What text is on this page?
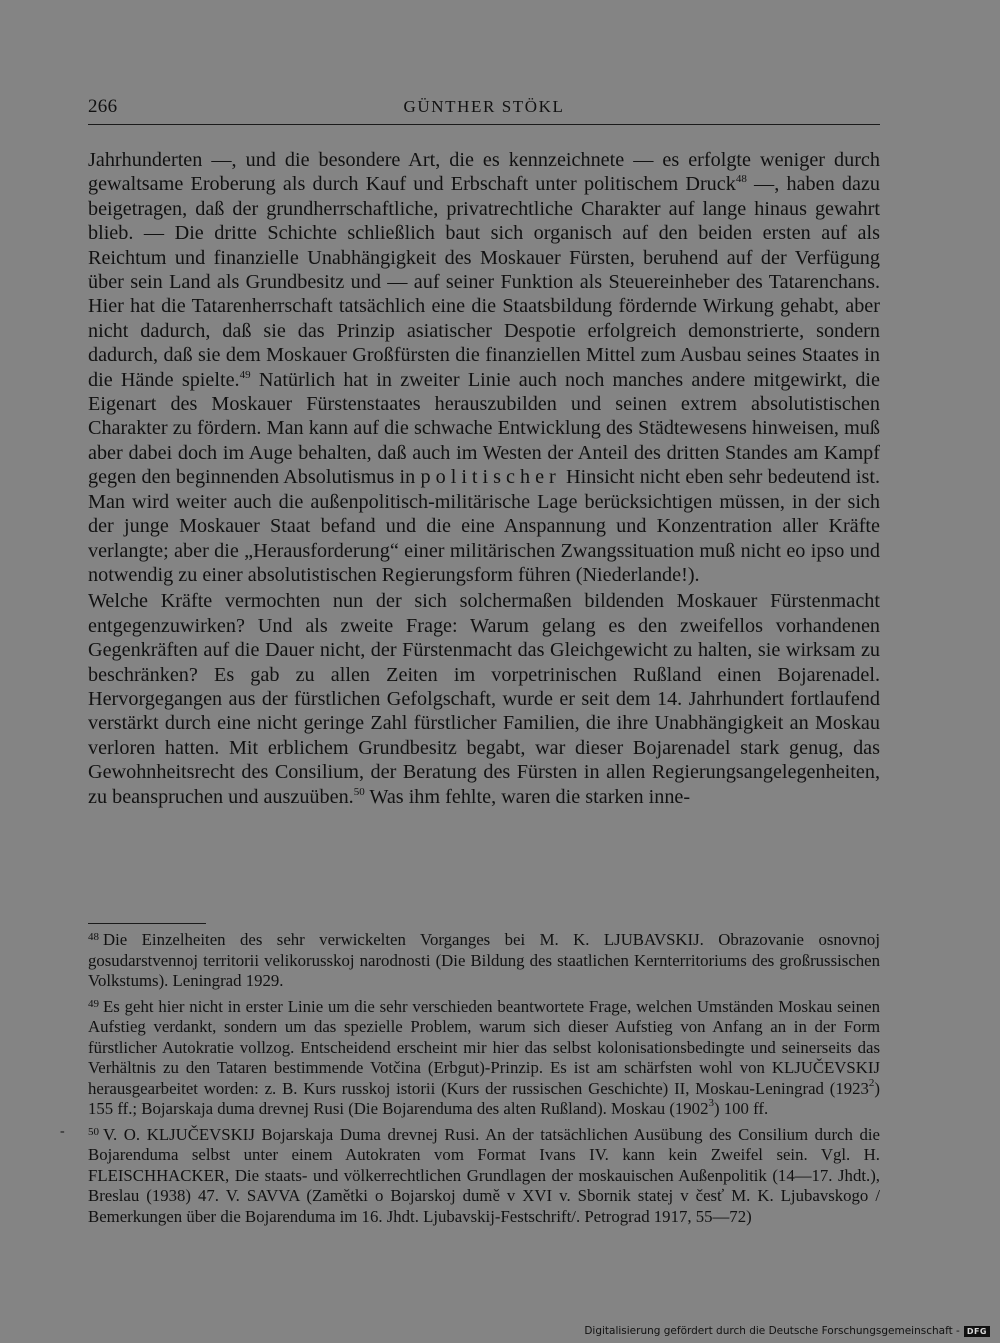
266	GÜNTHER STÖKL

Jahrhunderten —, und die besondere Art, die es kennzeichnete — es erfolgte weniger durch gewaltsame Eroberung als durch Kauf und Erbschaft unter politischem Druck$^{48}$ —, haben dazu beigetragen, daß der grundherrschaftliche, privatrechtliche Charakter auf lange hinaus gewahrt blieb. — Die dritte Schichte schließlich baut sich organisch auf den beiden ersten auf als Reichtum und finanzielle Unabhängigkeit des Moskauer Fürsten, beruhend auf der Verfügung über sein Land als Grundbesitz und — auf seiner Funktion als Steuereinheber des Tatarenchans. Hier hat die Tatarenherrschaft tatsächlich eine die Staatsbildung fördernde Wirkung gehabt, aber nicht dadurch, daß sie das Prinzip asiatischer Despotie erfolgreich demonstrierte, sondern dadurch, daß sie dem Moskauer Großfürsten die finanziellen Mittel zum Ausbau seines Staates in die Hände spielte.$^{49}$ Natürlich hat in zweiter Linie auch noch manches andere mitgewirkt, die Eigenart des Moskauer Fürstenstaates herauszubilden und seinen extrem absolutistischen Charakter zu fördern. Man kann auf die schwache Entwicklung des Städtewesens hinweisen, muß aber dabei doch im Auge behalten, daß auch im Westen der Anteil des dritten Standes am Kampf gegen den beginnenden Absolutismus in politischer Hinsicht nicht eben sehr bedeutend ist. Man wird weiter auch die außenpolitisch-militärische Lage berücksichtigen müssen, in der sich der junge Moskauer Staat befand und die eine Anspannung und Konzentration aller Kräfte verlangte; aber die „Herausforderung“ einer militärischen Zwangssituation muß nicht eo ipso und notwendig zu einer absolutistischen Regierungsform führen (Niederlande!).

Welche Kräfte vermochten nun der sich solchermaßen bildenden Moskauer Fürstenmacht entgegenzuwirken? Und als zweite Frage: Warum gelang es den zweifellos vorhandenen Gegenkräften auf die Dauer nicht, der Fürstenmacht das Gleichgewicht zu halten, sie wirksam zu beschränken? Es gab zu allen Zeiten im vorpetrinischen Rußland einen Bojarenadel. Hervorgegangen aus der fürstlichen Gefolgschaft, wurde er seit dem 14. Jahrhundert fortlaufend verstärkt durch eine nicht geringe Zahl fürstlicher Familien, die ihre Unabhängigkeit an Moskau verloren hatten. Mit erblichem Grundbesitz begabt, war dieser Bojarenadel stark genug, das Gewohnheitsrecht des Consilium, der Beratung des Fürsten in allen Regierungsangelegenheiten, zu beanspruchen und auszuüben.$^{50}$ Was ihm fehlte, waren die starken inne-

$^{48}$ Die Einzelheiten des sehr verwickelten Vorganges bei M. K. LJUBAVSKIJ. Obrazovanie osnovnoj gosudarstvennoj territorii velikorusskoj narodnosti (Die Bildung des staatlichen Kernterritoriums des großrussischen Volkstums). Leningrad 1929.

$^{49}$ Es geht hier nicht in erster Linie um die sehr verschieden beantwortete Frage, welchen Umständen Moskau seinen Aufstieg verdankt, sondern um das spezielle Problem, warum sich dieser Aufstieg von Anfang an in der Form fürstlicher Autokratie vollzog. Entscheidend erscheint mir hier das selbst kolonisationsbedingte und seinerseits das Verhältnis zu den Tataren bestimmende Votčina (Erbgut)-Prinzip. Es ist am schärfsten wohl von KLJUČEVSKIJ herausgearbeitet worden: z. B. Kurs russkoj istorii (Kurs der russischen Geschichte) II, Moskau-Leningrad (1923$^2$) 155 ff.; Bojarskaja duma drevnej Rusi (Die Bojarenduma des alten Rußland). Moskau (1902$^3$) 100 ff.

$^{50}$ V. O. KLJUČEVSKIJ Bojarskaja Duma drevnej Rusi. An der tatsächlichen Ausübung des Consilium durch die Bojarenduma selbst unter einem Autokraten vom Format Ivans IV. kann kein Zweifel sein. Vgl. H. FLEISCHHACKER, Die staats- und völkerrechtlichen Grundlagen der moskauischen Außenpolitik (14—17. Jhdt.), Breslau (1938) 47. V. SAVVA (Zamětki o Bojarskoj dumě v XVI v. Sbornik statej v česť M. K. Ljubavskogo / Bemerkungen über die Bojarenduma im 16. Jhdt. Ljubavskij-Festschrift/. Petrograd 1917, 55—72)

-
Digitalisierung gefördert durch die Deutsche Forschungsgemeinschaft - DFG
